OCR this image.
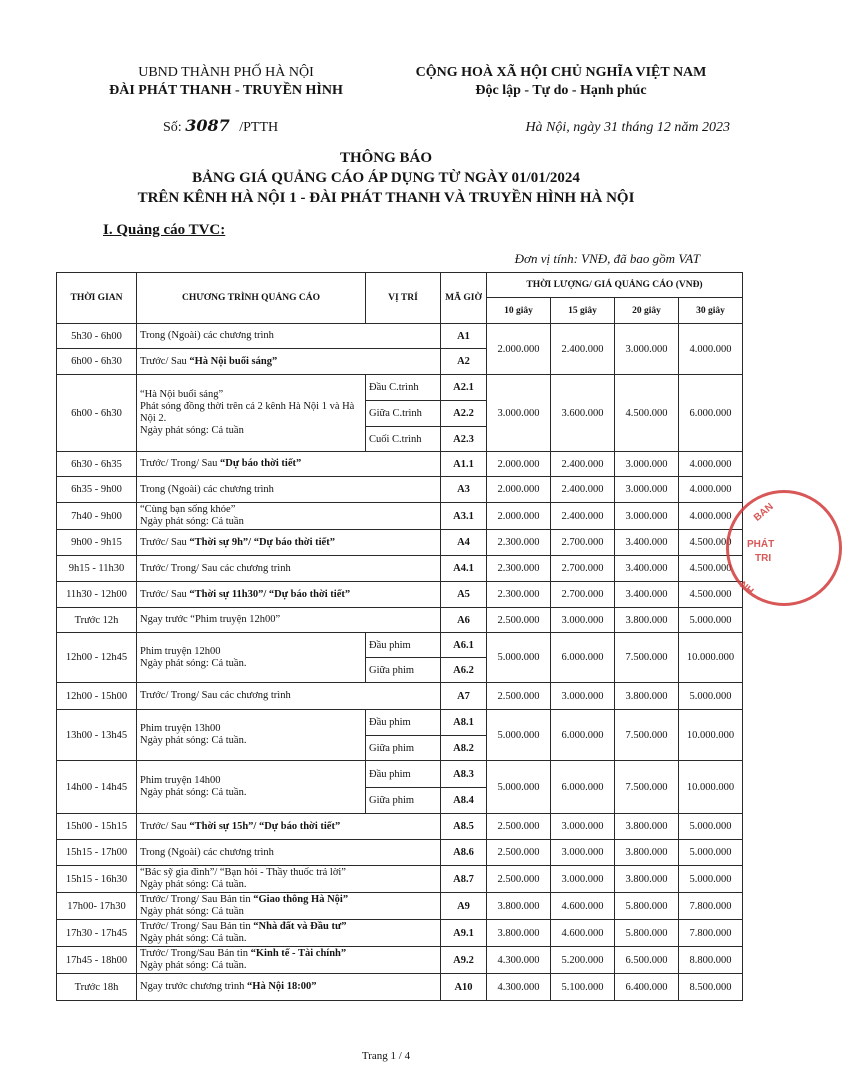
UBND THÀNH PHỐ HÀ NỘI
ĐÀI PHÁT THANH - TRUYỀN HÌNH
CỘNG HOÀ XÃ HỘI CHỦ NGHĨA VIỆT NAM
Độc lập - Tự do - Hạnh phúc
Số: 3087 /PTTH	Hà Nội, ngày 31 tháng 12 năm 2023
THÔNG BÁO
BẢNG GIÁ QUẢNG CÁO ÁP DỤNG TỪ NGÀY 01/01/2024
TRÊN KÊNH HÀ NỘI 1 - ĐÀI PHÁT THANH VÀ TRUYỀN HÌNH HÀ NỘI
I. Quảng cáo TVC:
Đơn vị tính: VNĐ, đã bao gồm VAT
THỜI GIAN	CHƯƠNG TRÌNH QUẢNG CÁO	VỊ TRÍ	MÃ GIỜ	THỜI LƯỢNG/ GIÁ QUẢNG CÁO (VNĐ)			
				10 giây	15 giây	20 giây	30 giây
5h30 - 6h00	Trong (Ngoài) các chương trình		A1	2.000.000	2.400.000	3.000.000	4.000.000
6h00 - 6h30	Trước/ Sau “Hà Nội buổi sáng”		A2				
6h00 - 6h30	“Hà Nội buổi sáng”
Phát sóng đồng thời trên cả 2 kênh Hà Nội 1 và Hà Nội 2.
Ngày phát sóng: Cả tuần	Đầu C.trình	A2.1	3.000.000	3.600.000	4.500.000	6.000.000
		Giữa C.trình	A2.2				
		Cuối C.trình	A2.3				
6h30 - 6h35	Trước/ Trong/ Sau “Dự báo thời tiết”		A1.1	2.000.000	2.400.000	3.000.000	4.000.000
6h35 - 9h00	Trong (Ngoài) các chương trình		A3	2.000.000	2.400.000	3.000.000	4.000.000
7h40 - 9h00	“Cùng bạn sống khỏe”
Ngày phát sóng: Cả tuần		A3.1	2.000.000	2.400.000	3.000.000	4.000.000
9h00 - 9h15	Trước/ Sau “Thời sự 9h”/ “Dự báo thời tiết”		A4	2.300.000	2.700.000	3.400.000	4.500.000
9h15 - 11h30	Trước/ Trong/ Sau các chương trình		A4.1	2.300.000	2.700.000	3.400.000	4.500.000
11h30 - 12h00	Trước/ Sau “Thời sự 11h30”/ “Dự báo thời tiết”		A5	2.300.000	2.700.000	3.400.000	4.500.000
Trước 12h	Ngay trước “Phim truyện 12h00”		A6	2.500.000	3.000.000	3.800.000	5.000.000
12h00 - 12h45	Phim truyện 12h00
Ngày phát sóng: Cả tuần.	Đầu phim	A6.1	5.000.000	6.000.000	7.500.000	10.000.000
		Giữa phim	A6.2				
12h00 - 15h00	Trước/ Trong/ Sau các chương trình		A7	2.500.000	3.000.000	3.800.000	5.000.000
13h00 - 13h45	Phim truyện 13h00
Ngày phát sóng: Cả tuần.	Đầu phim	A8.1	5.000.000	6.000.000	7.500.000	10.000.000
		Giữa phim	A8.2				
14h00 - 14h45	Phim truyện 14h00
Ngày phát sóng: Cả tuần.	Đầu phim	A8.3	5.000.000	6.000.000	7.500.000	10.000.000
		Giữa phim	A8.4				
15h00 - 15h15	Trước/ Sau “Thời sự 15h”/ “Dự báo thời tiết”		A8.5	2.500.000	3.000.000	3.800.000	5.000.000
15h15 - 17h00	Trong (Ngoài) các chương trình		A8.6	2.500.000	3.000.000	3.800.000	5.000.000
15h15 - 16h30	“Bác sỹ gia đình”/ “Bạn hỏi - Thầy thuốc trả lời”
Ngày phát sóng: Cả tuần.		A8.7	2.500.000	3.000.000	3.800.000	5.000.000
17h00- 17h30	Trước/ Trong/ Sau Bản tin “Giao thông Hà Nội”
Ngày phát sóng: Cả tuần		A9	3.800.000	4.600.000	5.800.000	7.800.000
17h30 - 17h45	Trước/ Trong/ Sau Bản tin “Nhà đất và Đầu tư”
Ngày phát sóng: Cả tuần.		A9.1	3.800.000	4.600.000	5.800.000	7.800.000
17h45 - 18h00	Trước/ Trong/Sau Bản tin “Kinh tế - Tài chính”
Ngày phát sóng: Cả tuần.		A9.2	4.300.000	5.200.000	6.500.000	8.800.000
Trước 18h	Ngay trước chương trình “Hà Nội 18:00”		A10	4.300.000	5.100.000	6.400.000	8.500.000
PHÁT
TRI
BAN
NH
Trang 1 / 4
